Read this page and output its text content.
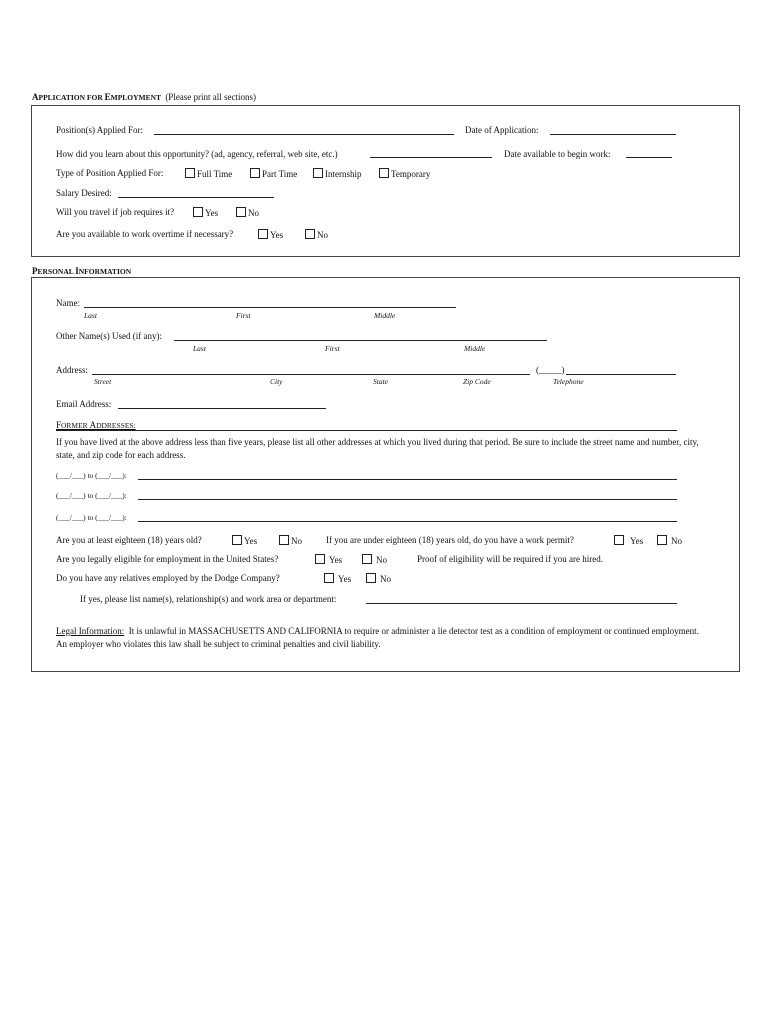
APPLICATION FOR EMPLOYMENT (Please print all sections)
Position(s) Applied For:	Date of Application:
How did you learn about this opportunity? (ad, agency, referral, web site, etc.)	Date available to begin work:
Type of Position Applied For:	Full Time	Part Time	Internship	Temporary
Salary Desired:
Will you travel if job requires it?	Yes	No
Are you available to work overtime if necessary?	Yes	No
PERSONAL INFORMATION
Name:
Last	First	Middle
Other Name(s) Used (if any):
Last	First	Middle
Address:	(_____)
Street	City	State	Zip Code	Telephone
Email Address:
FORMER ADDRESSES:
If you have lived at the above address less than five years, please list all other addresses at which you lived during that period. Be sure to include the street name and number, city, state, and zip code for each address.
(___/___) to (___/___):
(___/___) to (___/___):
(___/___) to (___/___):
Are you at least eighteen (18) years old?	Yes	No	If you are under eighteen (18) years old, do you have a work permit?	Yes	No
Are you legally eligible for employment in the United States?	Yes	No	Proof of eligibility will be required if you are hired.
Do you have any relatives employed by the Dodge Company?	Yes	No
If yes, please list name(s), relationship(s) and work area or department:
Legal Information: It is unlawful in MASSACHUSETTS AND CALIFORNIA to require or administer a lie detector test as a condition of employment or continued employment. An employer who violates this law shall be subject to criminal penalties and civil liability.
